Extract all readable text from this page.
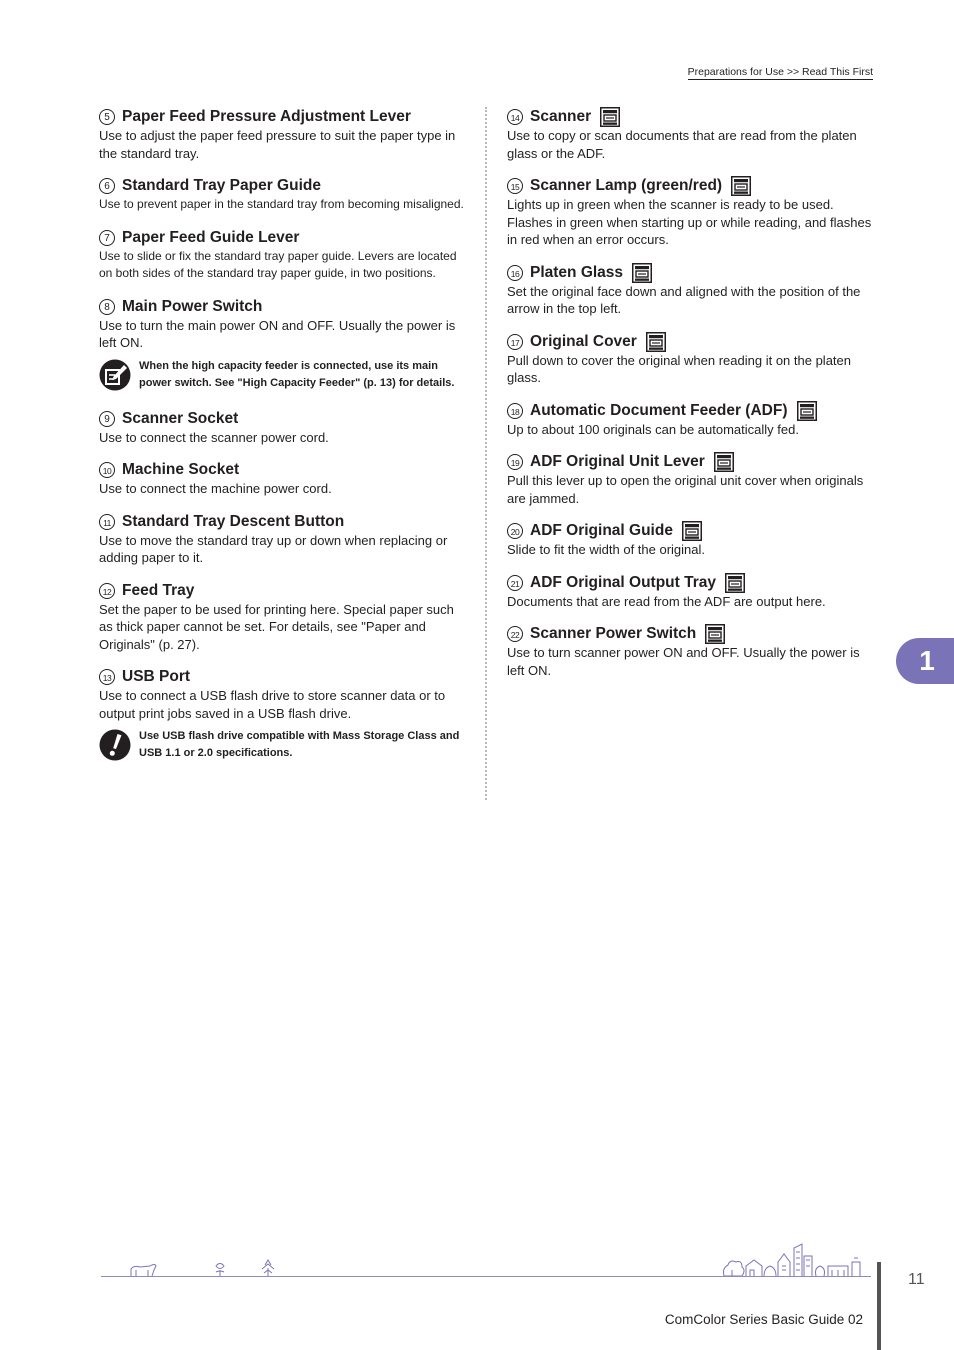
Preparations for Use >> Read This First
5 Paper Feed Pressure Adjustment Lever
Use to adjust the paper feed pressure to suit the paper type in the standard tray.
6 Standard Tray Paper Guide
Use to prevent paper in the standard tray from becoming misaligned.
7 Paper Feed Guide Lever
Use to slide or fix the standard tray paper guide. Levers are located on both sides of the standard tray paper guide, in two positions.
8 Main Power Switch
Use to turn the main power ON and OFF. Usually the power is left ON.
When the high capacity feeder is connected, use its main power switch. See "High Capacity Feeder" (p. 13) for details.
9 Scanner Socket
Use to connect the scanner power cord.
10 Machine Socket
Use to connect the machine power cord.
11 Standard Tray Descent Button
Use to move the standard tray up or down when replacing or adding paper to it.
12 Feed Tray
Set the paper to be used for printing here. Special paper such as thick paper cannot be set. For details, see "Paper and Originals" (p. 27).
13 USB Port
Use to connect a USB flash drive to store scanner data or to output print jobs saved in a USB flash drive.
Use USB flash drive compatible with Mass Storage Class and USB 1.1 or 2.0 specifications.
14 Scanner
Use to copy or scan documents that are read from the platen glass or the ADF.
15 Scanner Lamp (green/red)
Lights up in green when the scanner is ready to be used. Flashes in green when starting up or while reading, and flashes in red when an error occurs.
16 Platen Glass
Set the original face down and aligned with the position of the arrow in the top left.
17 Original Cover
Pull down to cover the original when reading it on the platen glass.
18 Automatic Document Feeder (ADF)
Up to about 100 originals can be automatically fed.
19 ADF Original Unit Lever
Pull this lever up to open the original unit cover when originals are jammed.
20 ADF Original Guide
Slide to fit the width of the original.
21 ADF Original Output Tray
Documents that are read from the ADF are output here.
22 Scanner Power Switch
Use to turn scanner power ON and OFF. Usually the power is left ON.	1
11
ComColor Series Basic Guide 02
